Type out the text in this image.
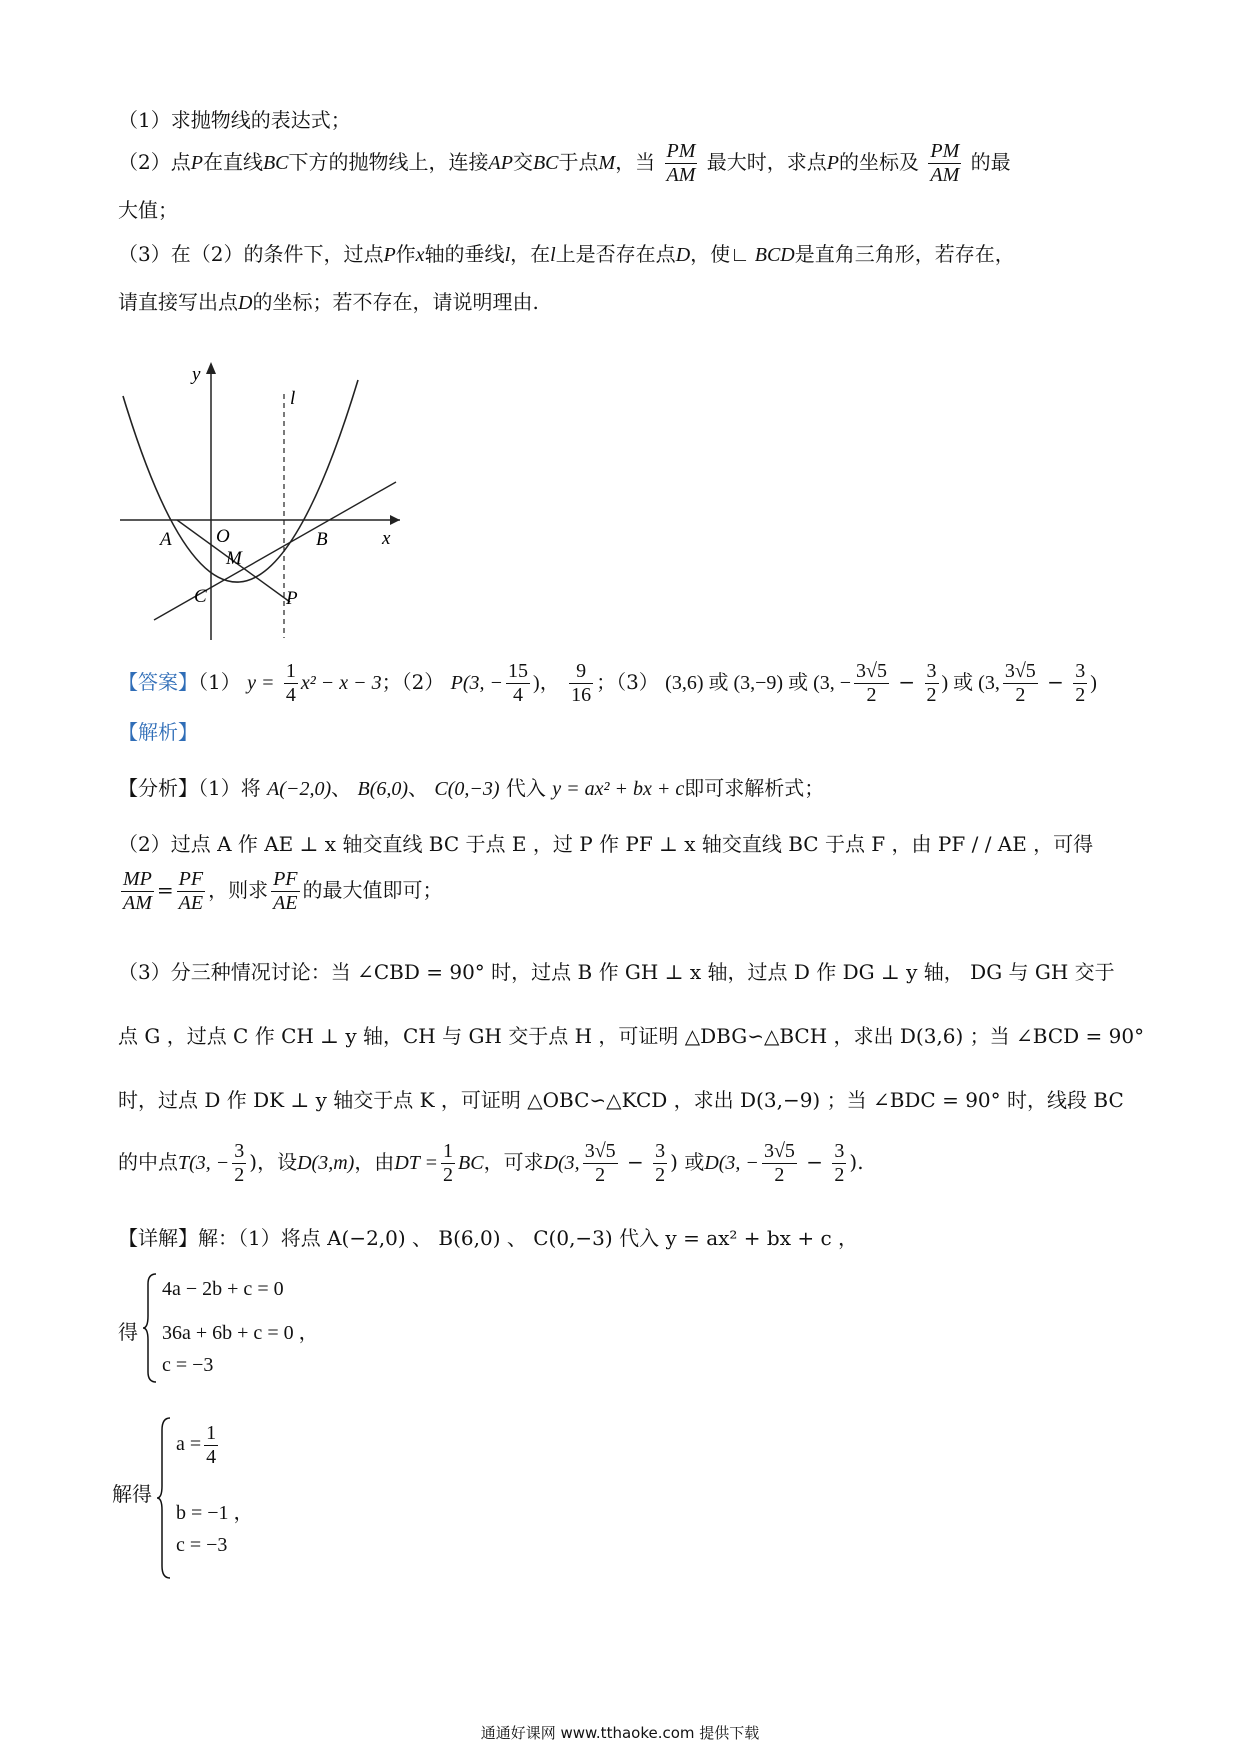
（1）求抛物线的表达式；
（2）点P在直线BC下方的抛物线上，连接AP交BC于点M，当 $\frac{PM}{AM}$ 最大时，求点P的坐标及 $\frac{PM}{AM}$ 的最
大值；
（3）在（2）的条件下，过点P作x轴的垂线l，在l上是否存在点D，使∟ BCD是直角三角形，若存在，
请直接写出点D的坐标；若不存在，请说明理由.
y
l
x
A O
M
B
C	P
【答案】（1） $y = \frac{1}{4} x^2 - x - 3$；（2） P(3, − $\frac{15}{4}$ )， $\frac{9}{16}$ ；（3） (3,6) 或 (3,−9) 或 (3, − $\frac{3√5}{2} - \frac{3}{2}$ ) 或 (3, $\frac{3√5}{2} - \frac{3}{2}$ )
【解析】
【分析】（1）将 A(−2,0)、 B(6,0)、 C(0,−3) 代入 y = ax² + bx + c即可求解析式；
（2）过点 A 作 AE ⊥ x 轴交直线 BC 于点 E ，过 P 作 PF ⊥ x 轴交直线 BC 于点 F ，由 PF / / AE ，可得
$\frac{MP}{AM} = \frac{PF}{AE}$ ，则求 $\frac{PF}{AE}$ 的最大值即可；
（3）分三种情况讨论：当 ∠CBD = 90° 时，过点 B 作 GH ⊥ x 轴，过点 D 作 DG ⊥ y 轴， DG 与 GH 交于
点 G ，过点 C 作 CH ⊥ y 轴，CH 与 GH 交于点 H ，可证明 △DBG∽△BCH ，求出 D(3,6) ；当 ∠BCD = 90°
时，过点 D 作 DK ⊥ y 轴交于点 K ，可证明 △OBC∽△KCD ，求出 D(3,−9) ；当 ∠BDC = 90° 时，线段 BC
的中点T(3, − $\frac{3}{2}$ )，设D(3,m)，由DT = $\frac{1}{2}$ BC，可求D(3, $\frac{3√5}{2} - \frac{3}{2}$ ) 或D(3, − $\frac{3√5}{2} - \frac{3}{2}$ ).
【详解】解：（1）将点 A(−2,0) 、 B(6,0) 、 C(0,−3) 代入 y = ax² + bx + c ，
得
4a − 2b + c = 0
36a + 6b + c = 0 ，
c = −3
解得
$a = \frac{1}{4}$
b = −1 ，
c = −3
通通好课网 www.tthaoke.com 提供下载
